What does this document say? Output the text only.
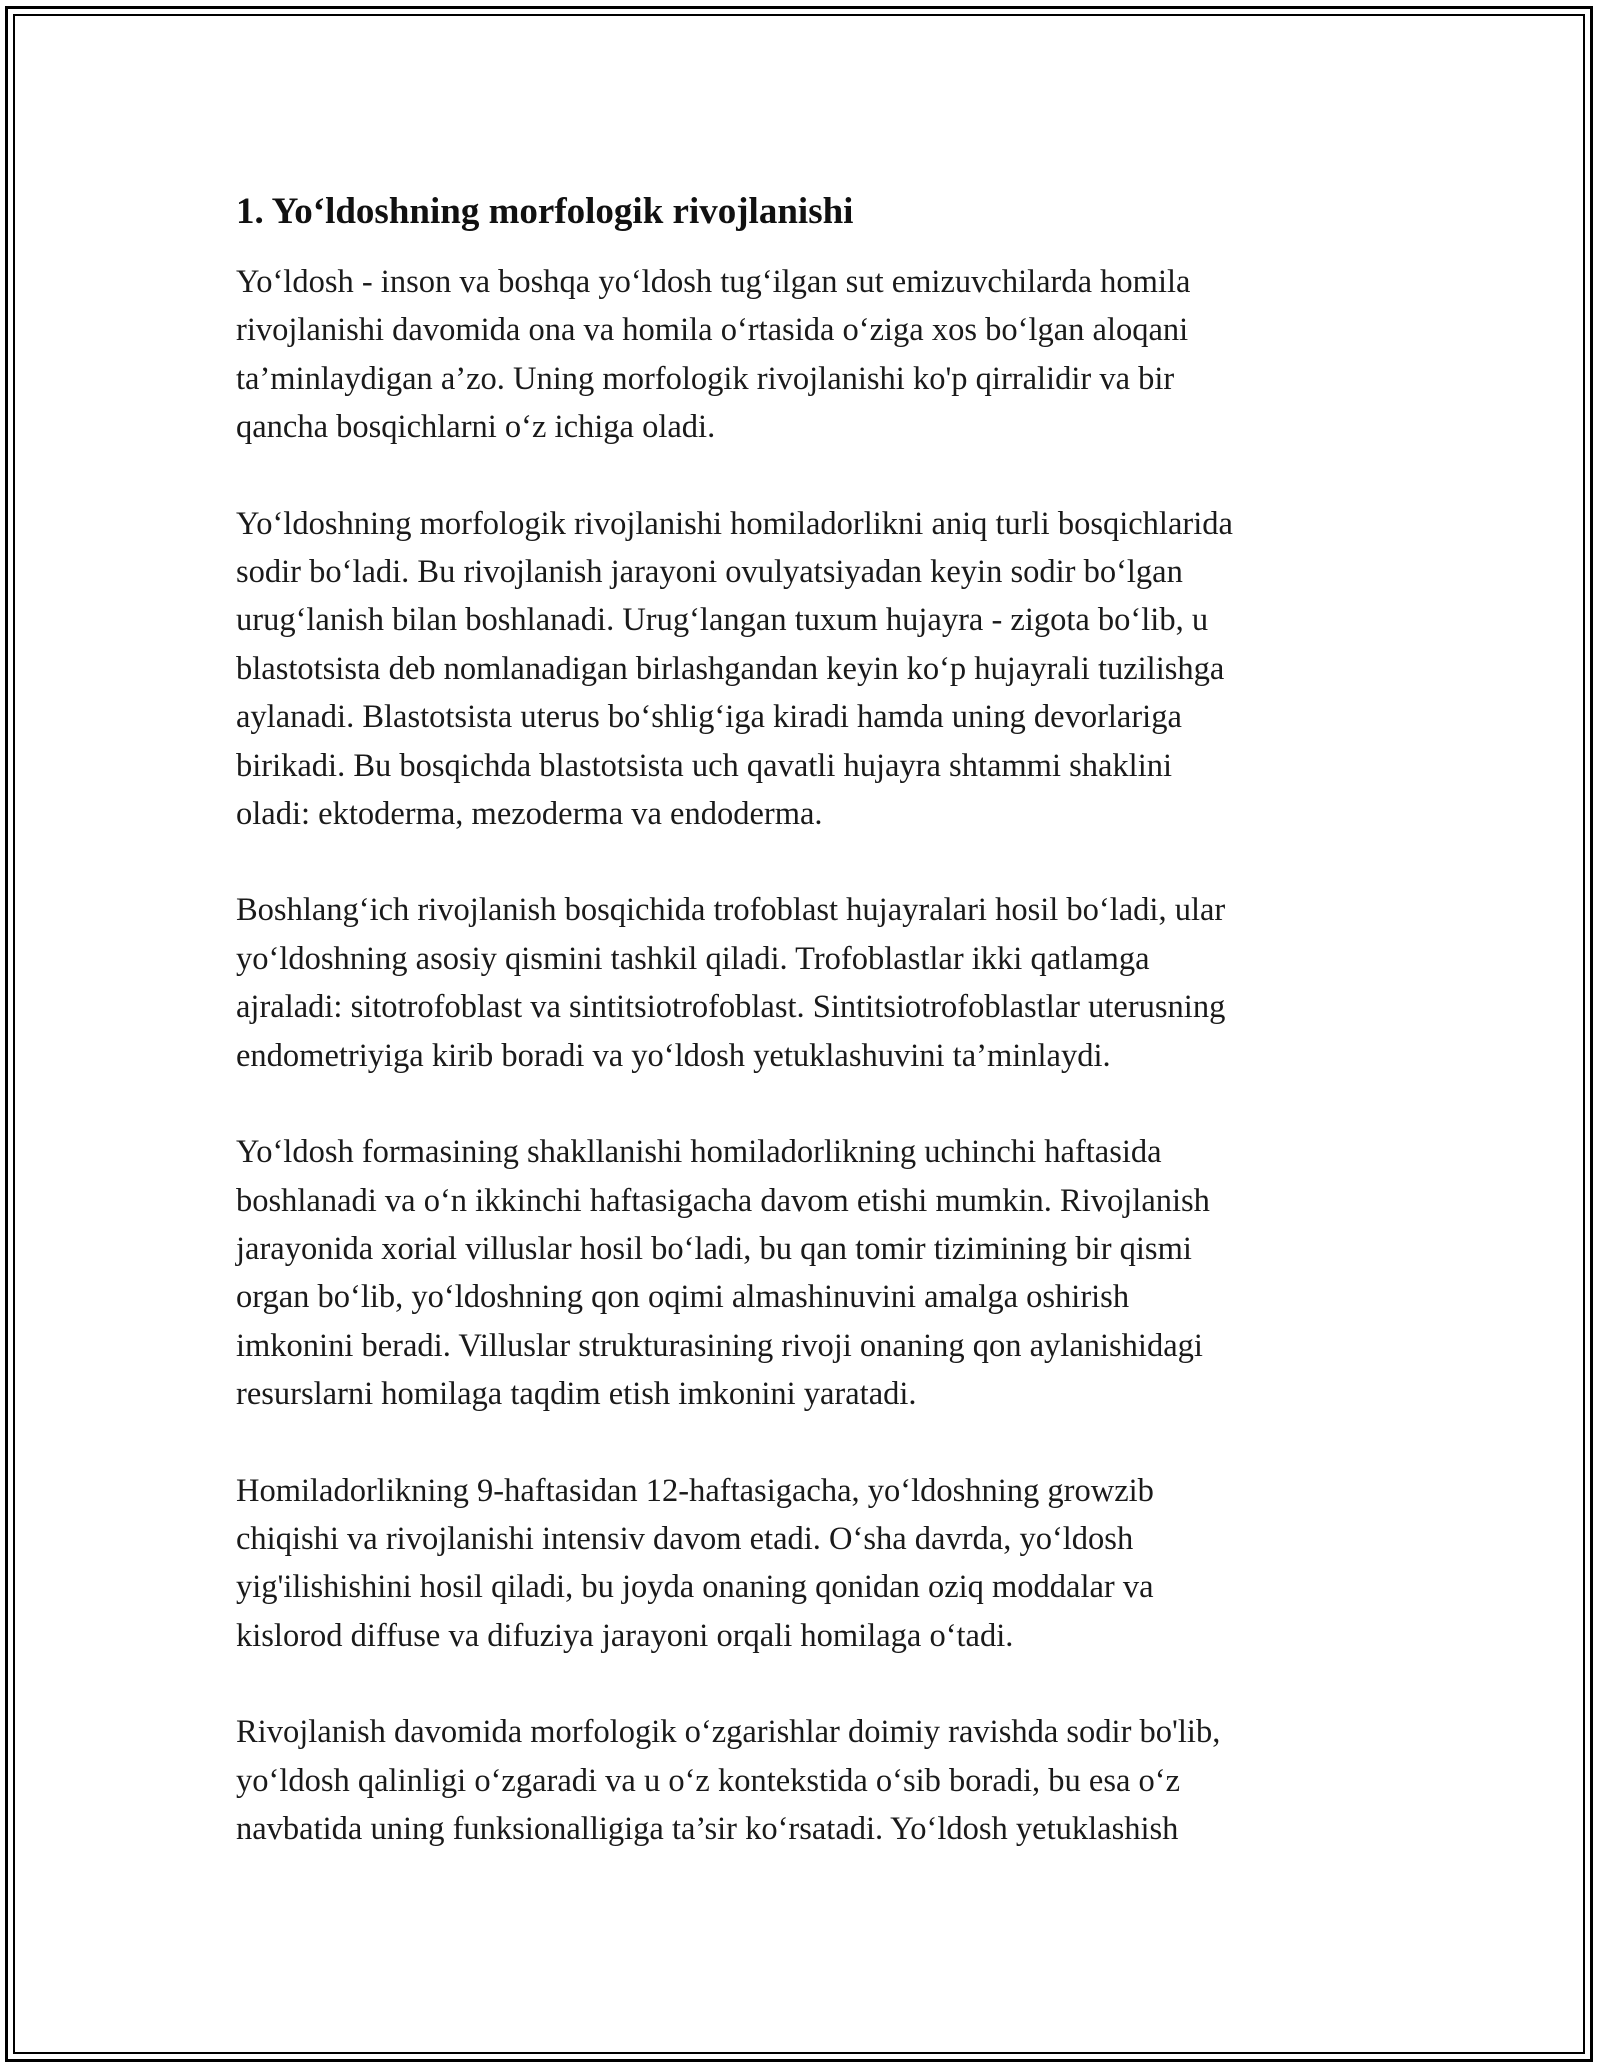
1. Yo‘ldoshning morfologik rivojlanishi

Yo‘ldosh - inson va boshqa yo‘ldosh tug‘ilgan sut emizuvchilarda homila
rivojlanishi davomida ona va homila o‘rtasida o‘ziga xos bo‘lgan aloqani
ta’minlaydigan a’zo. Uning morfologik rivojlanishi ko'p qirralidir va bir
qancha bosqichlarni o‘z ichiga oladi.

Yo‘ldoshning morfologik rivojlanishi homiladorlikni aniq turli bosqichlarida
sodir bo‘ladi. Bu rivojlanish jarayoni ovulyatsiyadan keyin sodir bo‘lgan
urug‘lanish bilan boshlanadi. Urug‘langan tuxum hujayra - zigota bo‘lib, u
blastotsista deb nomlanadigan birlashgandan keyin ko‘p hujayrali tuzilishga
aylanadi. Blastotsista uterus bo‘shlig‘iga kiradi hamda uning devorlariga
birikadi. Bu bosqichda blastotsista uch qavatli hujayra shtammi shaklini
oladi: ektoderma, mezoderma va endoderma.

Boshlang‘ich rivojlanish bosqichida trofoblast hujayralari hosil bo‘ladi, ular
yo‘ldoshning asosiy qismini tashkil qiladi. Trofoblastlar ikki qatlamga
ajraladi: sitotrofoblast va sintitsiotrofoblast. Sintitsiotrofoblastlar uterusning
endometriyiga kirib boradi va yo‘ldosh yetuklashuvini ta’minlaydi.

Yo‘ldosh formasining shakllanishi homiladorlikning uchinchi haftasida
boshlanadi va o‘n ikkinchi haftasigacha davom etishi mumkin. Rivojlanish
jarayonida xorial villuslar hosil bo‘ladi, bu qan tomir tizimining bir qismi
organ bo‘lib, yo‘ldoshning qon oqimi almashinuvini amalga oshirish
imkonini beradi. Villuslar strukturasining rivoji onaning qon aylanishidagi
resurslarni homilaga taqdim etish imkonini yaratadi.

Homiladorlikning 9-haftasidan 12-haftasigacha, yo‘ldoshning growzib
chiqishi va rivojlanishi intensiv davom etadi. O‘sha davrda, yo‘ldosh
yig'ilishishini hosil qiladi, bu joyda onaning qonidan oziq moddalar va
kislorod diffuse va difuziya jarayoni orqali homilaga o‘tadi.

Rivojlanish davomida morfologik o‘zgarishlar doimiy ravishda sodir bo'lib,
yo‘ldosh qalinligi o‘zgaradi va u o‘z kontekstida o‘sib boradi, bu esa o‘z
navbatida uning funksionalligiga ta’sir ko‘rsatadi. Yo‘ldosh yetuklashish
